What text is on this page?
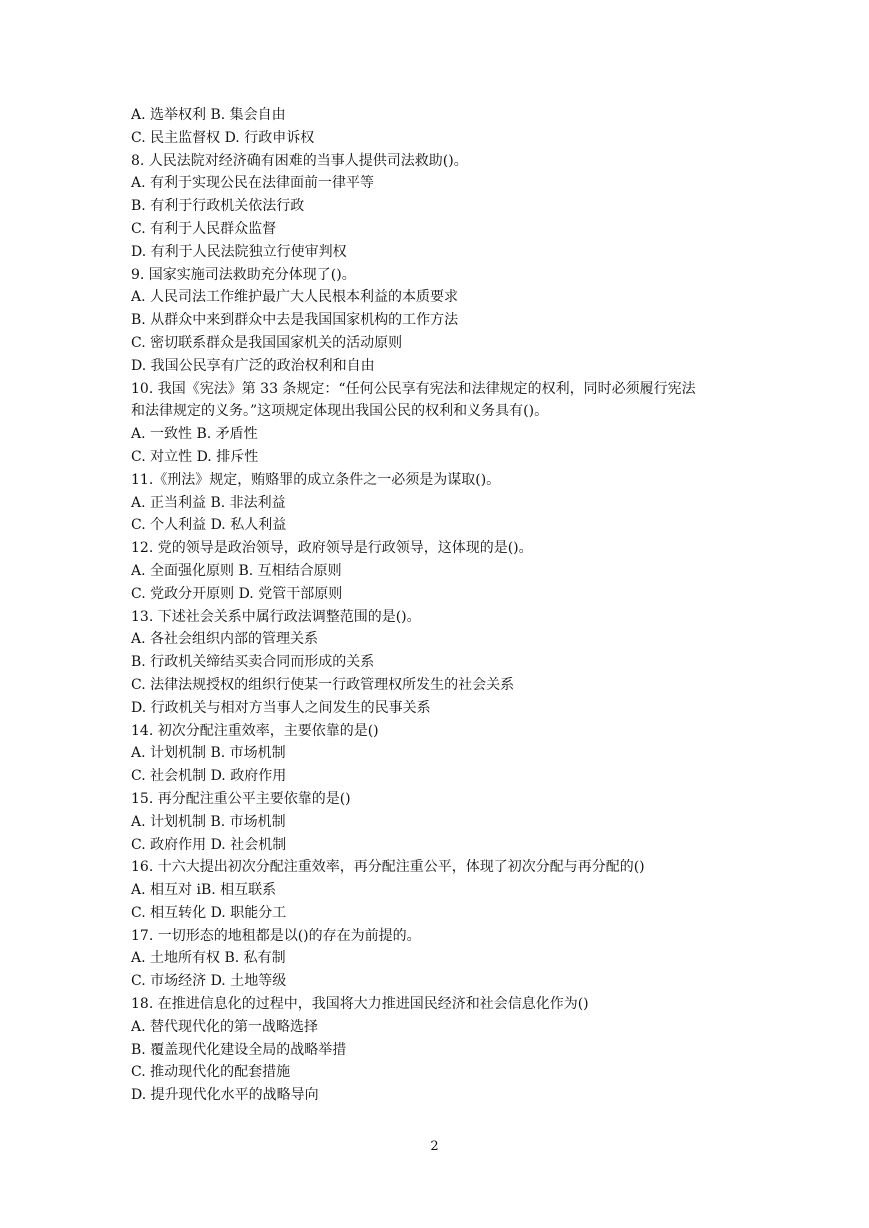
A. 选举权利 B. 集会自由
C. 民主监督权 D. 行政申诉权
8. 人民法院对经济确有困难的当事人提供司法救助()。
A. 有利于实现公民在法律面前一律平等
B. 有利于行政机关依法行政
C. 有利于人民群众监督
D. 有利于人民法院独立行使审判权
9. 国家实施司法救助充分体现了()。
A. 人民司法工作维护最广大人民根本利益的本质要求
B. 从群众中来到群众中去是我国国家机构的工作方法
C. 密切联系群众是我国国家机关的活动原则
D. 我国公民享有广泛的政治权利和自由
10. 我国《宪法》第 33 条规定：“任何公民享有宪法和法律规定的权利，同时必须履行宪法
和法律规定的义务。”这项规定体现出我国公民的权利和义务具有()。
A. 一致性 B. 矛盾性
C. 对立性 D. 排斥性
11.《刑法》规定，贿赂罪的成立条件之一必须是为谋取()。
A. 正当利益 B. 非法利益
C. 个人利益 D. 私人利益
12. 党的领导是政治领导，政府领导是行政领导，这体现的是()。
A. 全面强化原则 B. 互相结合原则
C. 党政分开原则 D. 党管干部原则
13. 下述社会关系中属行政法调整范围的是()。
A. 各社会组织内部的管理关系
B. 行政机关缔结买卖合同而形成的关系
C. 法律法规授权的组织行使某一行政管理权所发生的社会关系
D. 行政机关与相对方当事人之间发生的民事关系
14. 初次分配注重效率，主要依靠的是()
A. 计划机制 B. 市场机制
C. 社会机制 D. 政府作用
15. 再分配注重公平主要依靠的是()
A. 计划机制 B. 市场机制
C. 政府作用 D. 社会机制
16. 十六大提出初次分配注重效率，再分配注重公平，体现了初次分配与再分配的()
A. 相互对 iB. 相互联系
C. 相互转化 D. 职能分工
17. 一切形态的地租都是以()的存在为前提的。
A. 土地所有权 B. 私有制
C. 市场经济 D. 土地等级
18. 在推进信息化的过程中，我国将大力推进国民经济和社会信息化作为()
A. 替代现代化的第一战略选择
B. 覆盖现代化建设全局的战略举措
C. 推动现代化的配套措施
D. 提升现代化水平的战略导向
2
